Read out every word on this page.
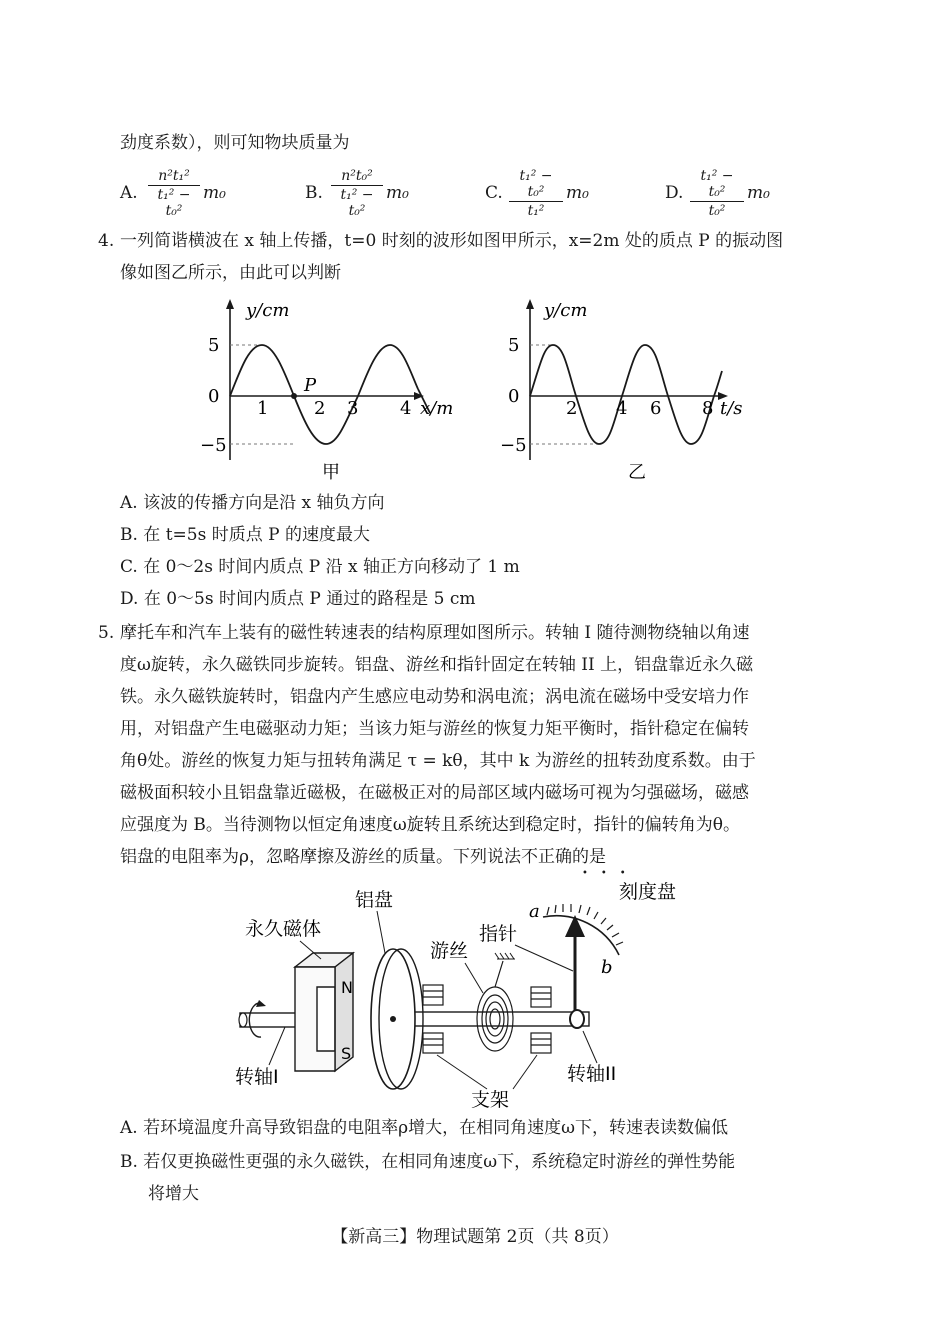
劲度系数），则可知物块质量为
A. $\frac{\text{n²t₁²}}{\text{t₁² − t₀²}} m_0$	B. $\frac{\text{n²t₀²}}{\text{t₁² − t₀²}} m_0$	C. $\frac{\text{t₁² − t₀²}}{\text{t₁²}} m_0$	D. $\frac{\text{t₁² − t₀²}}{\text{t₀²}} m_0$
4. 一列简谐横波在 x 轴上传播，t=0 时刻的波形如图甲所示，x=2m 处的质点 P 的振动图
像如图乙所示，由此可以判断
y/cm
5
0
−5
1	2 3 4 x/m
P
甲
y/cm
5
0
−5
2 4 6 8 t/s
乙
A. 该波的传播方向是沿 x 轴负方向
B. 在 t=5s 时质点 P 的速度最大
C. 在 0～2s 时间内质点 P 沿 x 轴正方向移动了 1 m
D. 在 0～5s 时间内质点 P 通过的路程是 5 cm
5. 摩托车和汽车上装有的磁性转速表的结构原理如图所示。转轴 I 随待测物绕轴以角速
度ω旋转，永久磁铁同步旋转。铝盘、游丝和指针固定在转轴 II 上，铝盘靠近永久磁
铁。永久磁铁旋转时，铝盘内产生感应电动势和涡电流；涡电流在磁场中受安培力作
用，对铝盘产生电磁驱动力矩；当该力矩与游丝的恢复力矩平衡时，指针稳定在偏转
角θ处。游丝的恢复力矩与扭转角满足 τ = kθ，其中 k 为游丝的扭转劲度系数。由于
磁极面积较小且铝盘靠近磁极，在磁极正对的局部区域内磁场可视为匀强磁场，磁感
应强度为 B。当待测物以恒定角速度ω旋转且系统达到稳定时，指针的偏转角为θ。
铝盘的电阻率为ρ，忽略摩擦及游丝的质量。下列说法不正确的是
•••
N
S
a
b
永久磁体
铝盘
游丝
指针
刻度盘
转轴I	转轴II
支架
A. 若环境温度升高导致铝盘的电阻率ρ增大，在相同角速度ω下，转速表读数偏低
B. 若仅更换磁性更强的永久磁铁，在相同角速度ω下，系统稳定时游丝的弹性势能
将增大
【新高三】物理试题第 2页（共 8页）
